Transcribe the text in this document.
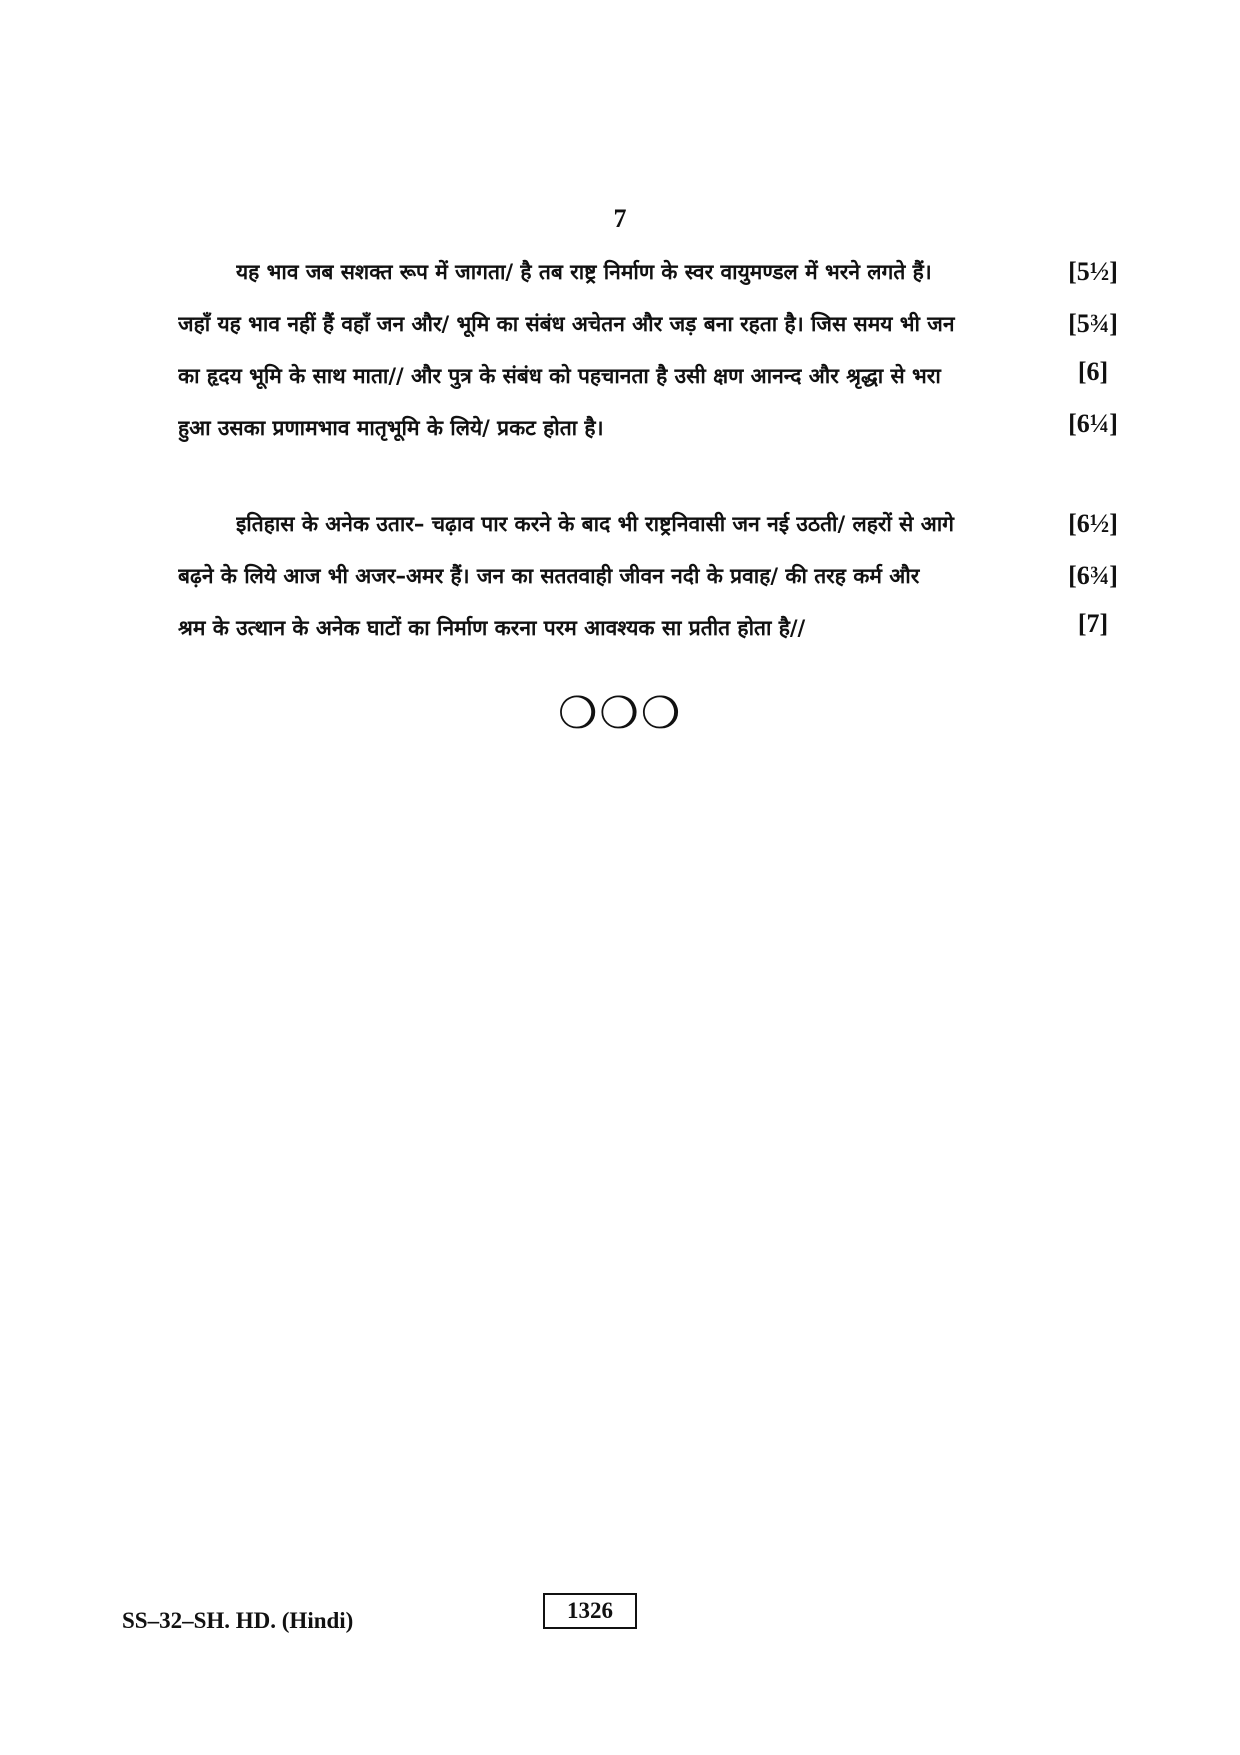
7
यह भाव जब सशक्त रूप में जागता/ है तब राष्ट्र निर्माण के स्वर वायुमण्डल में भरने लगते हैं।	[5½]
जहाँ यह भाव नहीं हैं वहाँ जन और/ भूमि का संबंध अचेतन और जड़ बना रहता है। जिस समय भी जन	[5¾]
का हृदय भूमि के साथ माता// और पुत्र के संबंध को पहचानता है उसी क्षण आनन्द और श्रृद्धा से भरा	[6]
हुआ उसका प्रणामभाव मातृभूमि के लिये/ प्रकट होता है।	[6¼]
इतिहास के अनेक उतार– चढ़ाव पार करने के बाद भी राष्ट्रनिवासी जन नई उठती/ लहरों से आगे	[6½]
बढ़ने के लिये आज भी अजर–अमर हैं। जन का सततवाही जीवन नदी के प्रवाह/ की तरह कर्म और	[6¾]
श्रम के उत्थान के अनेक घाटों का निर्माण करना परम आवश्यक सा प्रतीत होता है//	[7]
❍❍❍
SS–32–SH. HD. (Hindi)	1326
